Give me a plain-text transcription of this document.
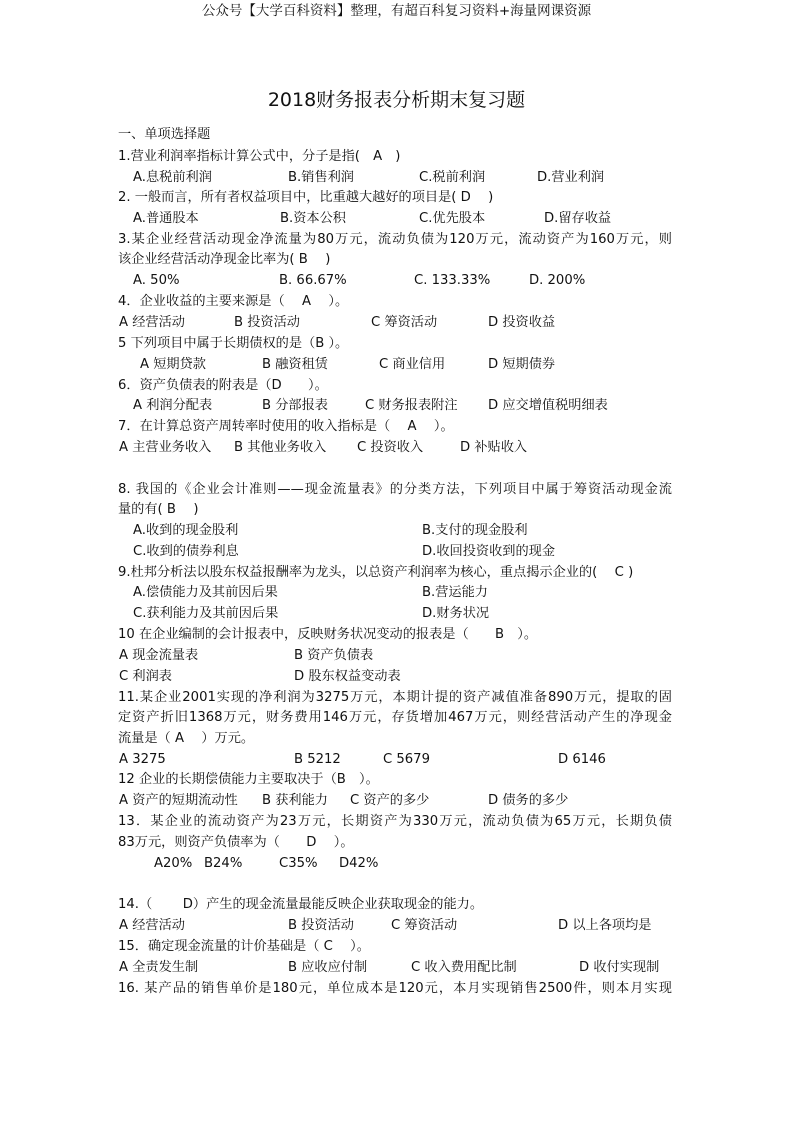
公众号【大学百科资料】整理，有超百科复习资料+海量网课资源
2018财务报表分析期末复习题
一、单项选择题
1.营业利润率指标计算公式中，分子是指(　A　)
A.息税前利润	B.销售利润	C.税前利润	D.营业利润
2. 一般而言，所有者权益项目中，比重越大越好的项目是( D　 )
A.普通股本	B.资本公积	C.优先股本	D.留存收益
3.某企业经营活动现金净流量为80万元，流动负债为120万元，流动资产为160万元，则
该企业经营活动净现金比率为( B　 )
A. 50%	B. 66.67%	C. 133.33%	D. 200%
4．企业收益的主要来源是（　 A　 ）。
A 经营活动	B 投资活动	C 筹资活动	D 投资收益
5 下列项目中属于长期债权的是（B ）。
A 短期贷款	B 融资租赁	C 商业信用	D 短期债券
6．资产负债表的附表是（D　　）。
A 利润分配表	B 分部报表	C 财务报表附注 D 应交增值税明细表
7．在计算总资产周转率时使用的收入指标是（　 A　 ）。
A 主营业务收入 B 其他业务收入 C 投资收入	D 补贴收入
8. 我国的《企业会计准则——现金流量表》的分类方法，下列项目中属于筹资活动现金流
量的有( B　 )
A.收到的现金股利	B.支付的现金股利
C.收到的债券利息	D.收回投资收到的现金
9.杜邦分析法以股东权益报酬率为龙头，以总资产利润率为核心，重点揭示企业的(　 C )
A.偿债能力及其前因后果	B.营运能力
C.获利能力及其前因后果	D.财务状况
10 在企业编制的会计报表中，反映财务状况变动的报表是（　　B　）。
A 现金流量表	B 资产负债表
C 利润表	D 股东权益变动表
11.某企业2001实现的净利润为3275万元，本期计提的资产减值准备890万元，提取的固
定资产折旧1368万元，财务费用146万元，存货增加467万元，则经营活动产生的净现金
流量是（ A　 ）万元。
A 3275	B 5212	C 5679	D 6146
12 企业的长期偿债能力主要取决于（B　）。
A 资产的短期流动性 B 获利能力 C 资产的多少	D 债务的多少
13．某企业的流动资产为23万元，长期资产为330万元，流动负债为65万元，长期负债
83万元，则资产负债率为（　　D　 ）。
A20% B24%	C35% D42%
14.（　　 D）产生的现金流量最能反映企业获取现金的能力。
A 经营活动	B 投资活动	C 筹资活动	D 以上各项均是
15．确定现金流量的计价基础是（ C　 ）。
A 全责发生制	B 应收应付制	C 收入费用配比制	D 收付实现制
16. 某产品的销售单价是180元，单位成本是120元，本月实现销售2500件，则本月实现
